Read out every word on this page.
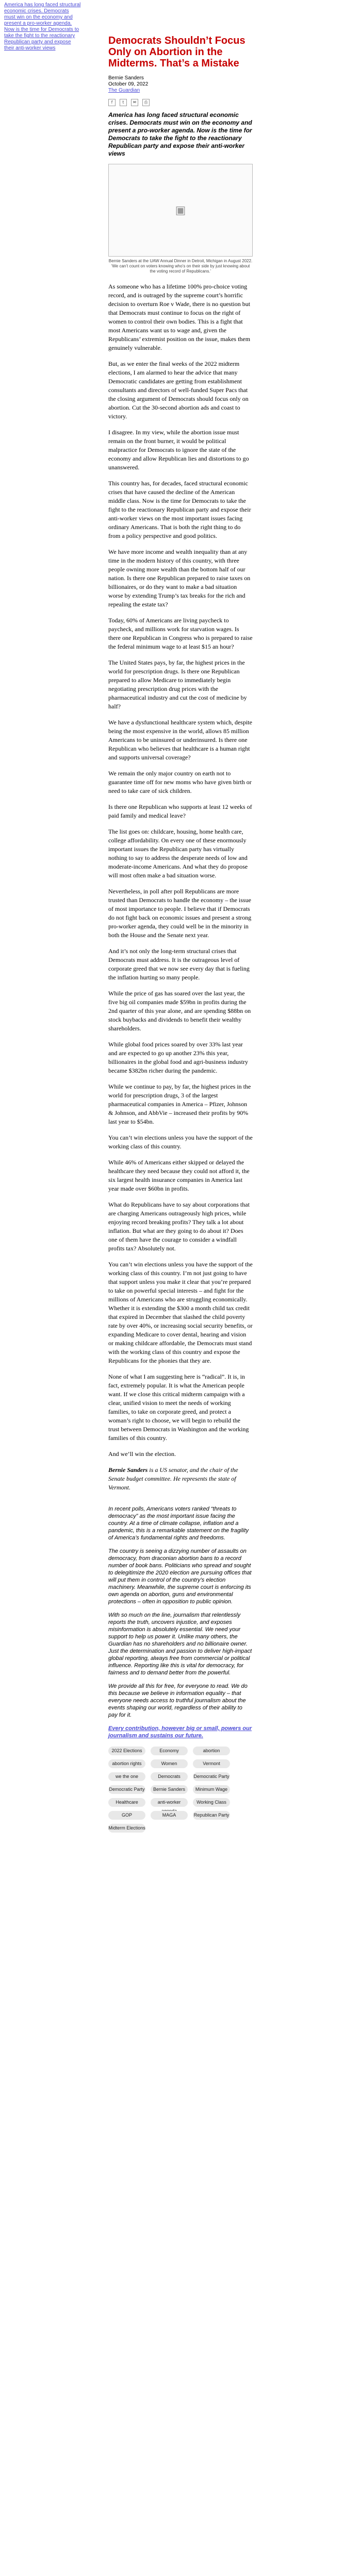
America has long faced structural economic crises. Democrats must win on the economy and present a pro-worker agenda. Now is the time for Democrats to take the fight to the reactionary Republican party and expose their anti-worker views
Democrats Shouldn’t Focus Only on Abortion in the Midterms. That’s a Mistake
Bernie Sanders
October 09, 2022
The Guardian
f	t	✉	⎙
America has long faced structural economic crises. Democrats must win on the economy and present a pro-worker agenda. Now is the time for Democrats to take the fight to the reactionary Republican party and expose their anti-worker views
▣
Bernie Sanders at the UAW Annual Dinner in Detroit, Michigan in August 2022. ‘We can’t count on voters knowing who’s on their side by just knowing about the voting record of Republicans.’

As someone who has a lifetime 100% pro-choice voting record, and is outraged by the supreme court’s horrific decision to overturn Roe v Wade, there is no question but that Democrats must continue to focus on the right of women to control their own bodies. This is a fight that most Americans want us to wage and, given the Republicans’ extremist position on the issue, makes them genuinely vulnerable.

But, as we enter the final weeks of the 2022 midterm elections, I am alarmed to hear the advice that many Democratic candidates are getting from establishment consultants and directors of well-funded Super Pacs that the closing argument of Democrats should focus only on abortion. Cut the 30-second abortion ads and coast to victory.

I disagree. In my view, while the abortion issue must remain on the front burner, it would be political malpractice for Democrats to ignore the state of the economy and allow Republican lies and distortions to go unanswered.

This country has, for decades, faced structural economic crises that have caused the decline of the American middle class. Now is the time for Democrats to take the fight to the reactionary Republican party and expose their anti-worker views on the most important issues facing ordinary Americans. That is both the right thing to do from a policy perspective and good politics.

We have more income and wealth inequality than at any time in the modern history of this country, with three people owning more wealth than the bottom half of our nation. Is there one Republican prepared to raise taxes on billionaires, or do they want to make a bad situation worse by extending Trump’s tax breaks for the rich and repealing the estate tax?

Today, 60% of Americans are living paycheck to paycheck, and millions work for starvation wages. Is there one Republican in Congress who is prepared to raise the federal minimum wage to at least $15 an hour?

The United States pays, by far, the highest prices in the world for prescription drugs. Is there one Republican prepared to allow Medicare to immediately begin negotiating prescription drug prices with the pharmaceutical industry and cut the cost of medicine by half?

We have a dysfunctional healthcare system which, despite being the most expensive in the world, allows 85 million Americans to be uninsured or underinsured. Is there one Republican who believes that healthcare is a human right and supports universal coverage?

We remain the only major country on earth not to guarantee time off for new moms who have given birth or need to take care of sick children.

Is there one Republican who supports at least 12 weeks of paid family and medical leave?

The list goes on: childcare, housing, home health care, college affordability. On every one of these enormously important issues the Republican party has virtually nothing to say to address the desperate needs of low and moderate-income Americans. And what they do propose will most often make a bad situation worse.

Nevertheless, in poll after poll Republicans are more trusted than Democrats to handle the economy – the issue of most importance to people. I believe that if Democrats do not fight back on economic issues and present a strong pro-worker agenda, they could well be in the minority in both the House and the Senate next year.

And it’s not only the long-term structural crises that Democrats must address. It is the outrageous level of corporate greed that we now see every day that is fueling the inflation hurting so many people.

While the price of gas has soared over the last year, the five big oil companies made $59bn in profits during the 2nd quarter of this year alone, and are spending $88bn on stock buybacks and dividends to benefit their wealthy shareholders.

While global food prices soared by over 33% last year and are expected to go up another 23% this year, billionaires in the global food and agri-business industry became $382bn richer during the pandemic.

While we continue to pay, by far, the highest prices in the world for prescription drugs, 3 of the largest pharmaceutical companies in America – Pfizer, Johnson & Johnson, and AbbVie – increased their profits by 90% last year to $54bn.

You can’t win elections unless you have the support of the working class of this country.

While 46% of Americans either skipped or delayed the healthcare they need because they could not afford it, the six largest health insurance companies in America last year made over $60bn in profits.

What do Republicans have to say about corporations that are charging Americans outrageously high prices, while enjoying record breaking profits? They talk a lot about inflation. But what are they going to do about it? Does one of them have the courage to consider a windfall profits tax? Absolutely not.

You can’t win elections unless you have the support of the working class of this country. I’m not just going to have that support unless you make it clear that you’re prepared to take on powerful special interests – and fight for the millions of Americans who are struggling economically. Whether it is extending the $300 a month child tax credit that expired in December that slashed the child poverty rate by over 40%, or increasing social security benefits, or expanding Medicare to cover dental, hearing and vision or making childcare affordable, the Democrats must stand with the working class of this country and expose the Republicans for the phonies that they are.

None of what I am suggesting here is “radical”. It is, in fact, extremely popular. It is what the American people want. If we close this critical midterm campaign with a clear, unified vision to meet the needs of working families, to take on corporate greed, and protect a woman’s right to choose, we will begin to rebuild the trust between Democrats in Washington and the working families of this country.

And we’ll win the election.

Bernie Sanders is a US senator, and the chair of the Senate budget committee. He represents the state of Vermont.

In recent polls, Americans voters ranked “threats to democracy” as the most important issue facing the country. At a time of climate collapse, inflation and a pandemic, this is a remarkable statement on the fragility of America’s fundamental rights and freedoms.

The country is seeing a dizzying number of assaults on democracy, from draconian abortion bans to a record number of book bans. Politicians who spread and sought to delegitimize the 2020 election are pursuing offices that will put them in control of the country’s election machinery. Meanwhile, the supreme court is enforcing its own agenda on abortion, guns and environmental protections – often in opposition to public opinion.

With so much on the line, journalism that relentlessly reports the truth, uncovers injustice, and exposes misinformation is absolutely essential. We need your support to help us power it. Unlike many others, the Guardian has no shareholders and no billionaire owner. Just the determination and passion to deliver high-impact global reporting, always free from commercial or political influence. Reporting like this is vital for democracy, for fairness and to demand better from the powerful.

We provide all this for free, for everyone to read. We do this because we believe in information equality – that everyone needs access to truthful journalism about the events shaping our world, regardless of their ability to pay for it.

Every contribution, however big or small, powers our journalism and sustains our future.
2022 Elections	Economy	abortion
abortion rights	Women	Vermont
we the one	Democrats	Democratic Party
Democratic Party	Bernie Sanders	Minimum Wage
Healthcare	anti-worker	Working Class
GOP	MAGA	Republican Party
Midterm Elections
